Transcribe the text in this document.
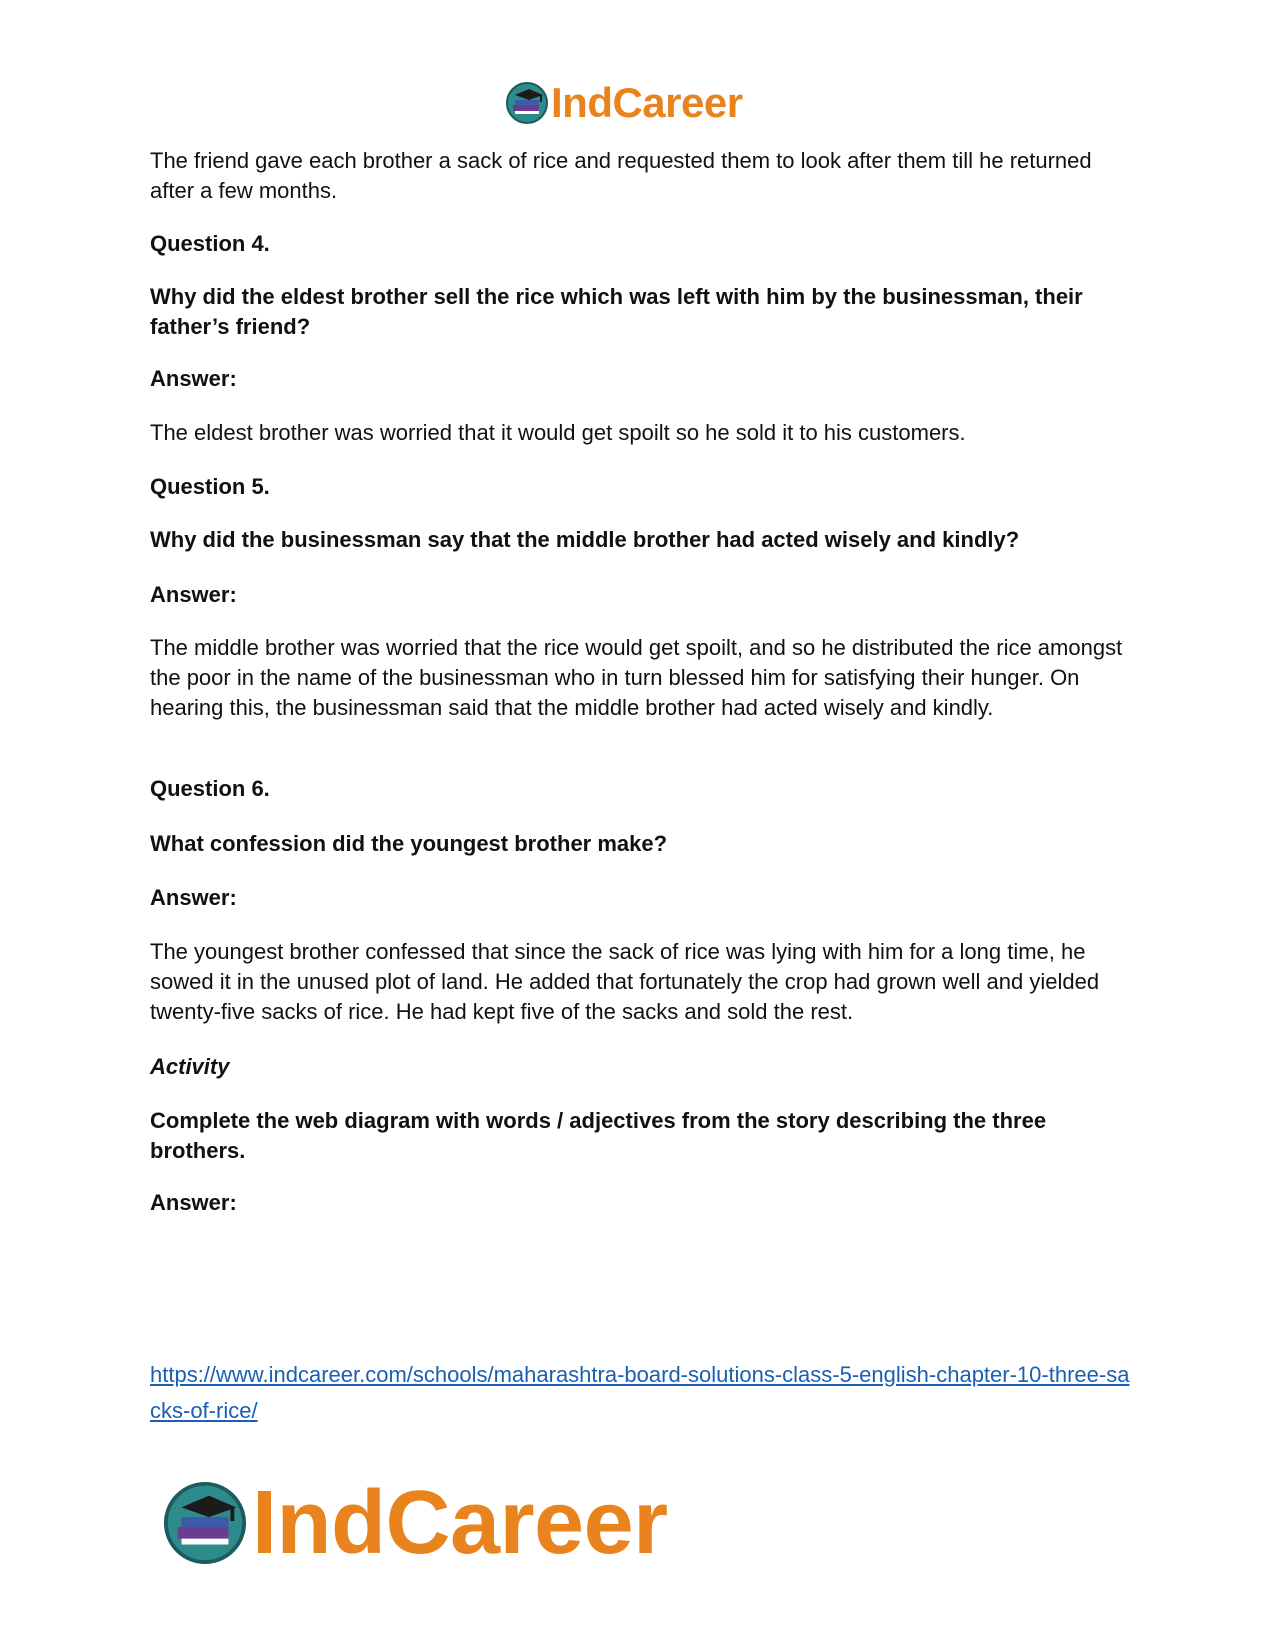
IndCareer

The friend gave each brother a sack of rice and requested them to look after them till he returned after a few months.

Question 4.

Why did the eldest brother sell the rice which was left with him by the businessman, their father’s friend?

Answer:

The eldest brother was worried that it would get spoilt so he sold it to his customers.

Question 5.

Why did the businessman say that the middle brother had acted wisely and kindly?

Answer:

The middle brother was worried that the rice would get spoilt, and so he distributed the rice amongst the poor in the name of the businessman who in turn blessed him for satisfying their hunger. On hearing this, the businessman said that the middle brother had acted wisely and kindly.

Question 6.

What confession did the youngest brother make?

Answer:

The youngest brother confessed that since the sack of rice was lying with him for a long time, he sowed it in the unused plot of land. He added that fortunately the crop had grown well and yielded twenty-five sacks of rice. He had kept five of the sacks and sold the rest.

Activity

Complete the web diagram with words / adjectives from the story describing the three brothers.

Answer:

https://www.indcareer.com/schools/maharashtra-board-solutions-class-5-english-chapter-10-three-sacks-of-rice/
IndCareer
